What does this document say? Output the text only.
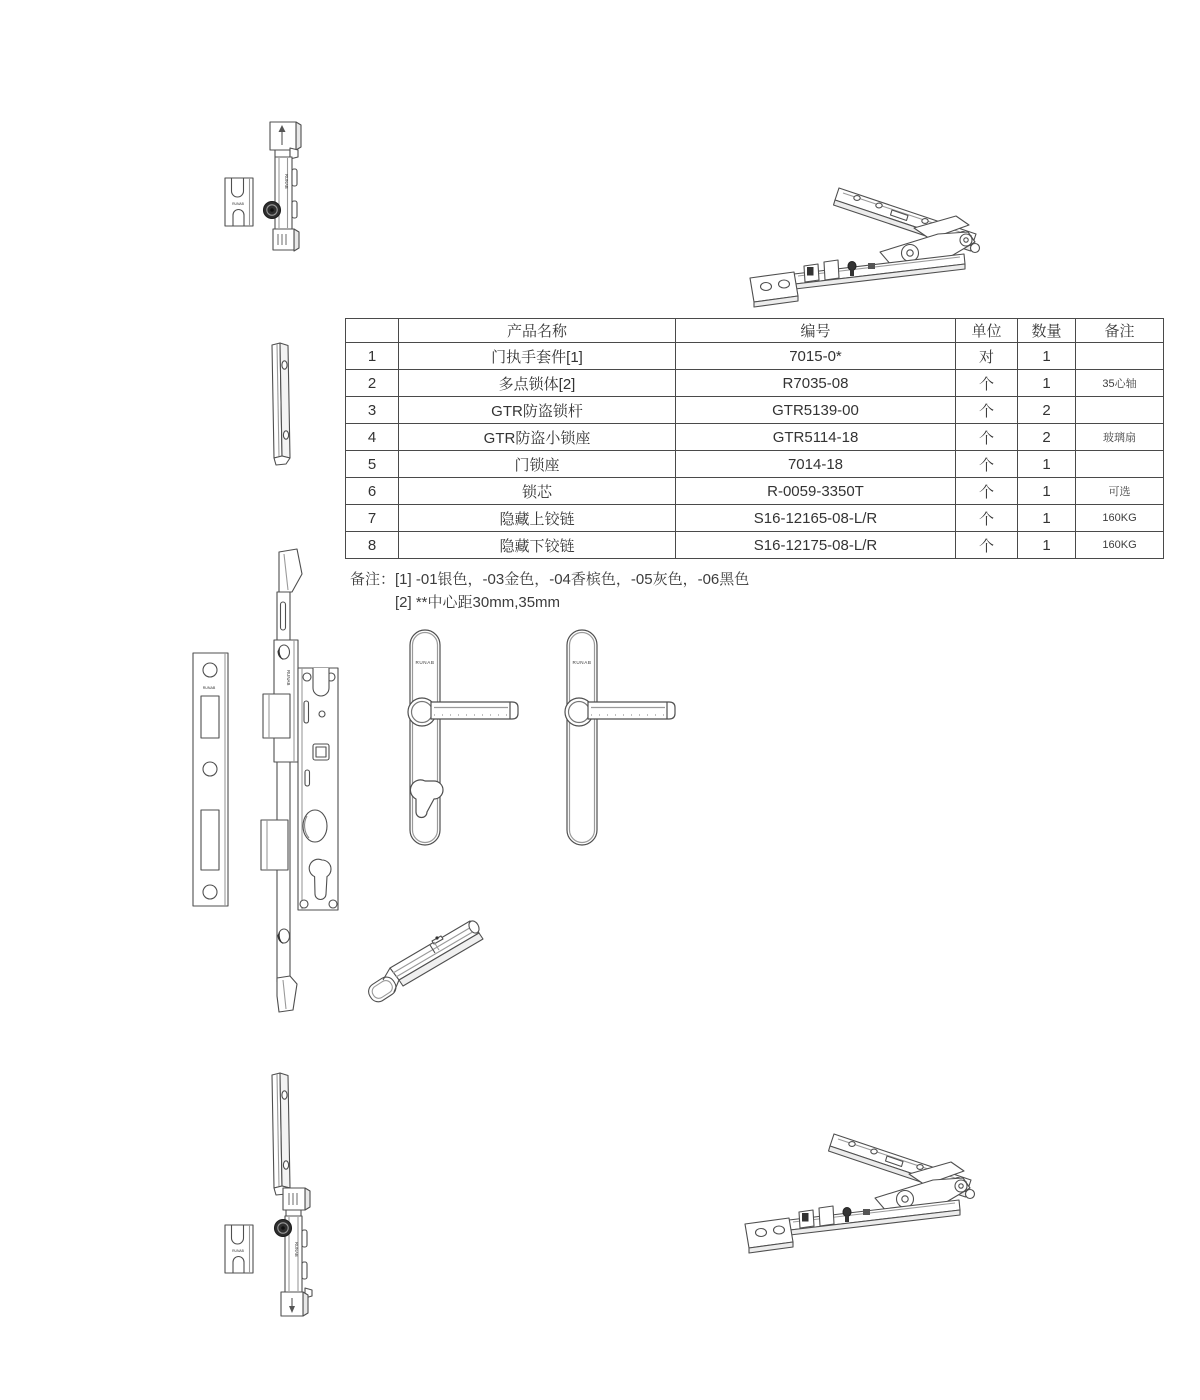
RUNAB
RUNAB
	产品名称	编号	单位	数量	备注
1	门执手套件[1]	7015-0*	对	1	
2	多点锁体[2]	R7035-08	个	1	35心轴
3	GTR防盗锁杆	GTR5139-00	个	2	
4	GTR防盗小锁座	GTR5114-18	个	2	玻璃扇
5	门锁座	7014-18	个	1	
6	锁芯	R-0059-3350T	个	1	可选
7	隐藏上铰链	S16-12165-08-L/R	个	1	160KG
8	隐藏下铰链	S16-12175-08-L/R	个	1	160KG
备注：[1] -01银色，-03金色，-04香槟色，-05灰色，-06黑色
[2] **中心距30mm,35mm
RUNAB
RUNAB
RUNAB	RUNAB
RUNAB	RUNAB
